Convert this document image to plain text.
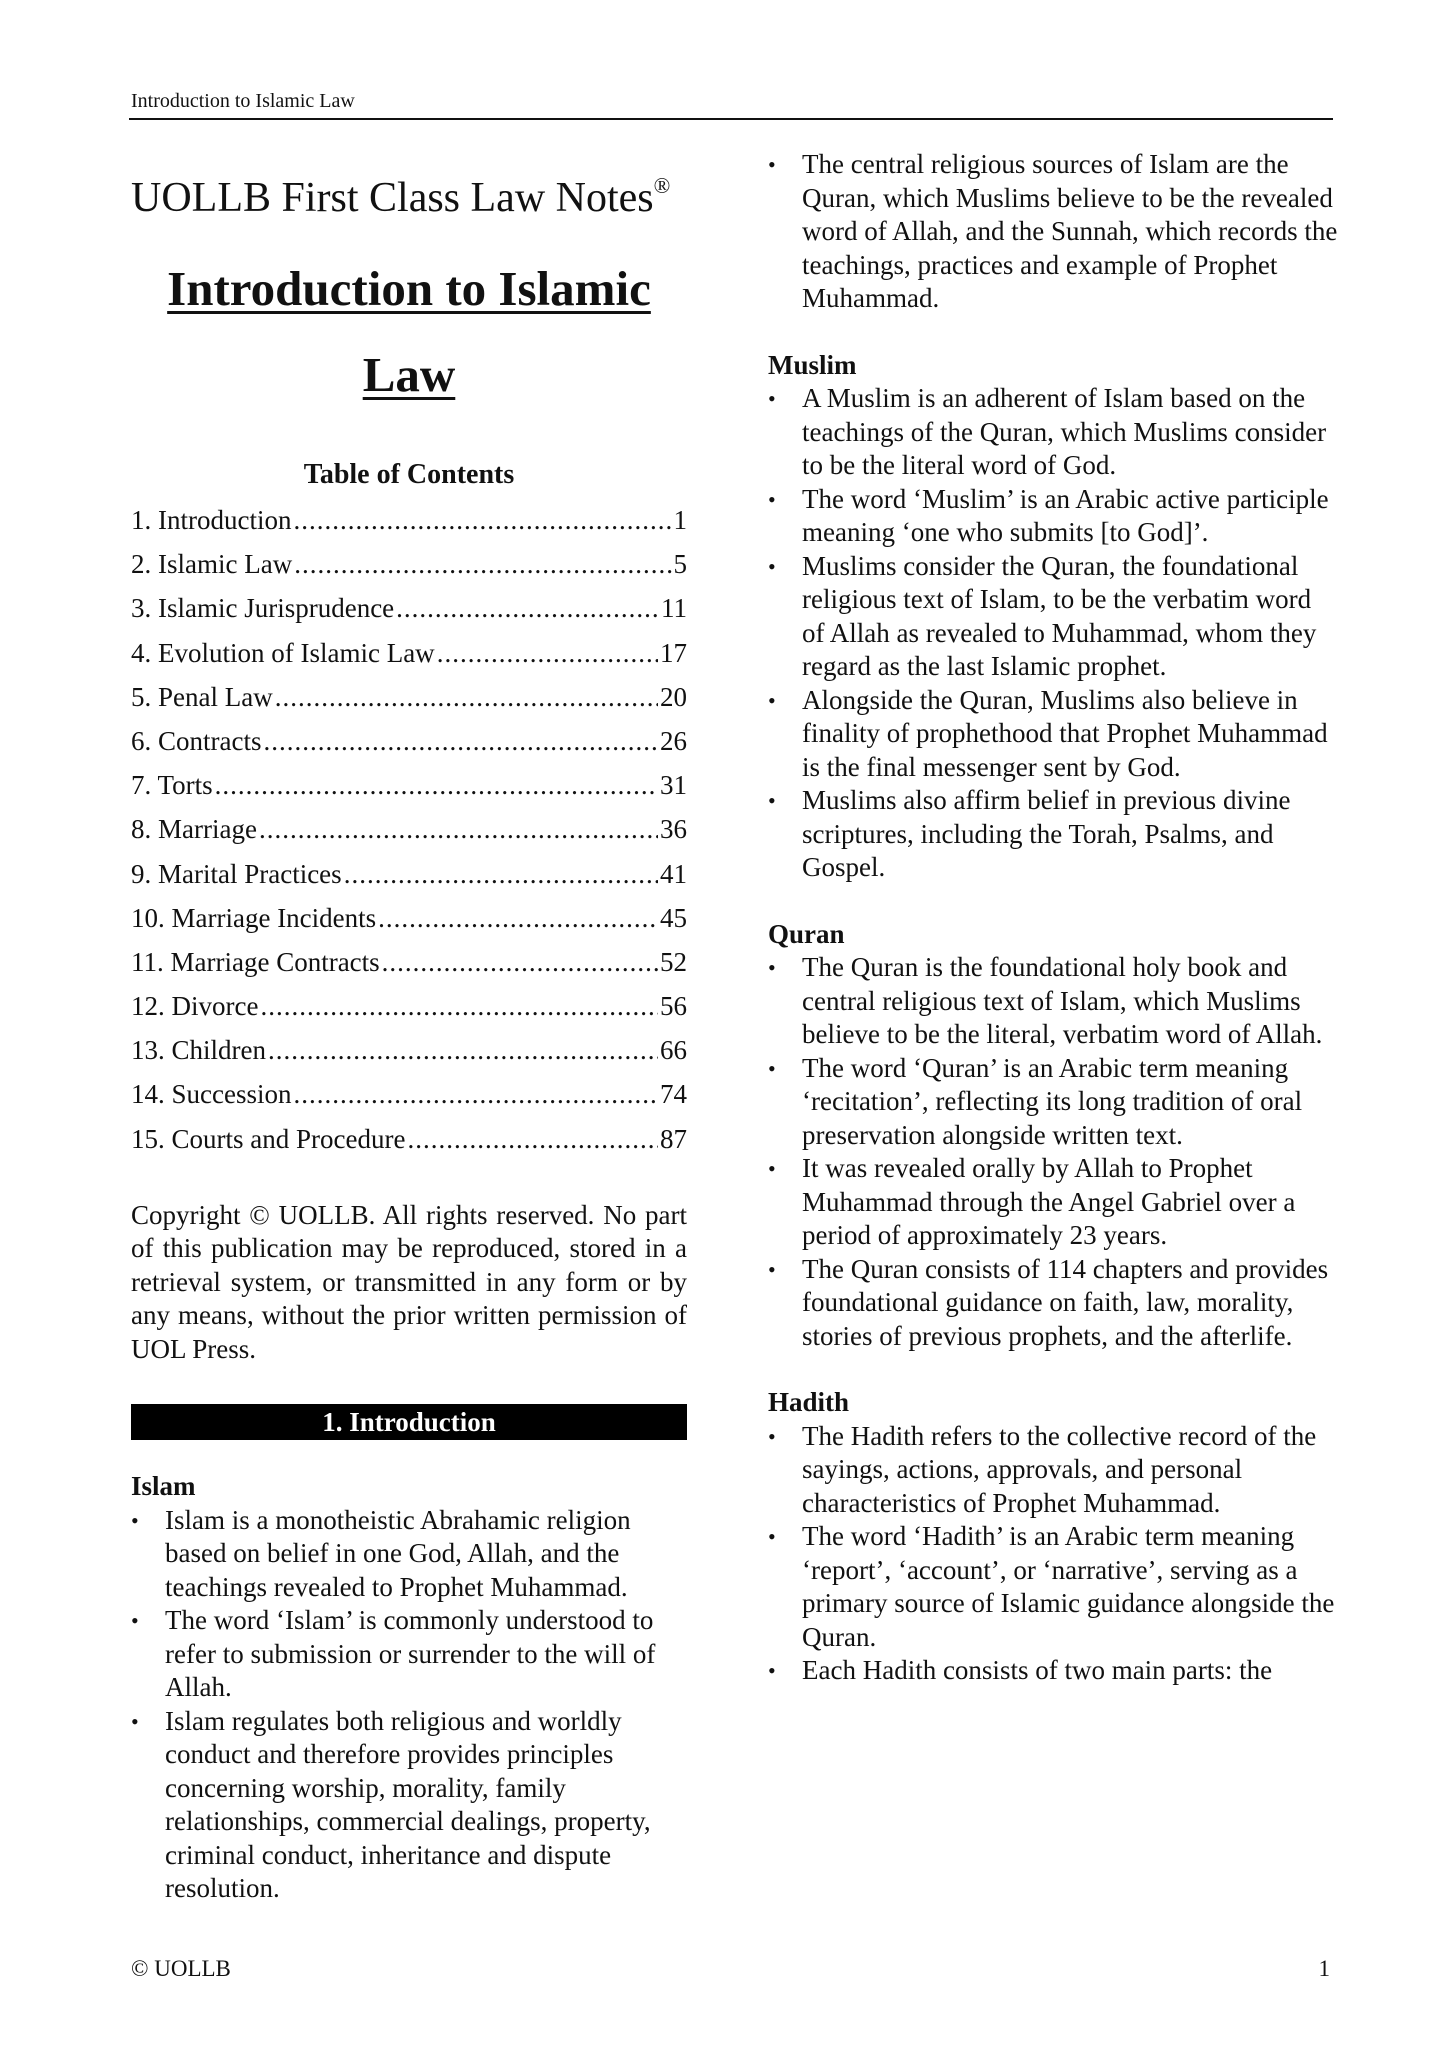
Introduction to Islamic Law
UOLLB First Class Law Notes®
Introduction to Islamic
Law
Table of Contents
1. Introduction .....	1
2. Islamic Law .....	5
3. Islamic Jurisprudence .....	11
4. Evolution of Islamic Law .....	17
5. Penal Law .....	20
6. Contracts .....	26
7. Torts .....	31
8. Marriage .....	36
9. Marital Practices .....	41
10. Marriage Incidents .....	45
11. Marriage Contracts .....	52
12. Divorce .....	56
13. Children .....	66
14. Succession .....	74
15. Courts and Procedure .....	87

Copyright © UOLLB. All rights reserved. No part of this publication may be reproduced, stored in a retrieval system, or transmitted in any form or by any means, without the prior written permission of UOL Press.

1. Introduction
Islam
• Islam is a monotheistic Abrahamic religion based on belief in one God, Allah, and the teachings revealed to Prophet Muhammad.
• The word ‘Islam’ is commonly understood to refer to submission or surrender to the will of Allah.
• Islam regulates both religious and worldly conduct and therefore provides principles concerning worship, morality, family relationships, commercial dealings, property, criminal conduct, inheritance and dispute resolution.
• The central religious sources of Islam are the Quran, which Muslims believe to be the revealed word of Allah, and the Sunnah, which records the teachings, practices and example of Prophet Muhammad.
Muslim
• A Muslim is an adherent of Islam based on the teachings of the Quran, which Muslims consider to be the literal word of God.
• The word ‘Muslim’ is an Arabic active participle meaning ‘one who submits [to God]’.
• Muslims consider the Quran, the foundational religious text of Islam, to be the verbatim word of Allah as revealed to Muhammad, whom they regard as the last Islamic prophet.
• Alongside the Quran, Muslims also believe in finality of prophethood that Prophet Muhammad is the final messenger sent by God.
• Muslims also affirm belief in previous divine scriptures, including the Torah, Psalms, and Gospel.
Quran
• The Quran is the foundational holy book and central religious text of Islam, which Muslims believe to be the literal, verbatim word of Allah.
• The word ‘Quran’ is an Arabic term meaning ‘recitation’, reflecting its long tradition of oral preservation alongside written text.
• It was revealed orally by Allah to Prophet Muhammad through the Angel Gabriel over a period of approximately 23 years.
• The Quran consists of 114 chapters and provides foundational guidance on faith, law, morality, stories of previous prophets, and the afterlife.
Hadith
• The Hadith refers to the collective record of the sayings, actions, approvals, and personal characteristics of Prophet Muhammad.
• The word ‘Hadith’ is an Arabic term meaning ‘report’, ‘account’, or ‘narrative’, serving as a primary source of Islamic guidance alongside the Quran.
• Each Hadith consists of two main parts: the
© UOLLB	1
